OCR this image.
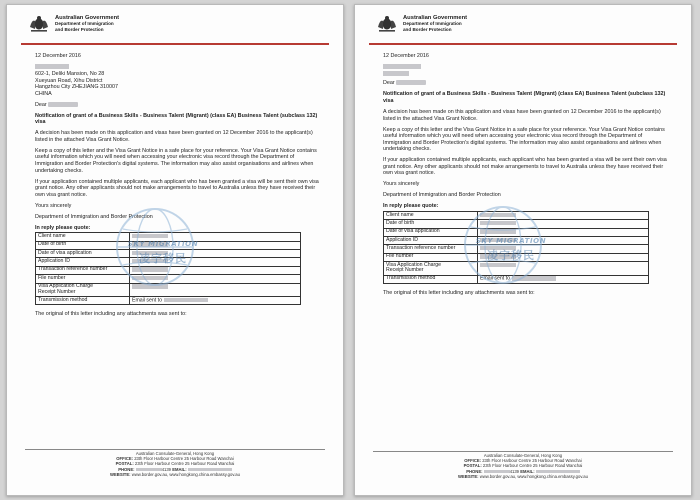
Australian Government
Department of Immigration
and Border Protection

12 December 2016

602-1, Deliki Mansion, No 28
Xueyuan Road, Xihu District
Hangzhou City ZHEJIANG 310007
CHINA

Dear

Notification of grant of a Business Skills - Business Talent (Migrant) (class EA) Business Talent (subclass 132) visa

A decision has been made on this application and visas have been granted on 12 December 2016 to the applicant(s) listed in the attached Visa Grant Notice.

Keep a copy of this letter and the Visa Grant Notice in a safe place for your reference. Your Visa Grant Notice contains useful information which you will need when accessing your electronic visa record through the Department of Immigration and Border Protection's digital systems. The information may also assist organisations and airlines when undertaking checks.

If your application contained multiple applicants, each applicant who has been granted a visa will be sent their own visa grant notice. Any other applicants should not make arrangements to travel to Australia unless they have received their own visa grant notice.

Yours sincerely

Department of Immigration and Border Protection

In reply please quote:
Client name	
Date of birth	
Date of visa application	
Application ID	
Transaction reference number	
File number	
Visa Application Charge
Receipt Number	
Transmission method	Email sent to

The original of this letter including any attachments was sent to:

SKY MIGRATION
凌宇移民
Australian Consulate-General, Hong Kong
OFFICE: 23th Floor Harbour Centre 25 Harbour Road Wanchai
POSTAL: 23th Floor Harbour Centre 25 Harbour Road Wanchai
PHONE:	4139 EMAIL:
WEBSITE: www.border.gov.au, www.hongkong.china.embassy.gov.au
Australian Government
Department of Immigration
and Border Protection

12 December 2016

Dear

Notification of grant of a Business Skills - Business Talent (Migrant) (class EA) Business Talent (subclass 132) visa

A decision has been made on this application and visas have been granted on 12 December 2016 to the applicant(s) listed in the attached Visa Grant Notice.

Keep a copy of this letter and the Visa Grant Notice in a safe place for your reference. Your Visa Grant Notice contains useful information which you will need when accessing your electronic visa record through the Department of Immigration and Border Protection's digital systems. The information may also assist organisations and airlines when undertaking checks.

If your application contained multiple applicants, each applicant who has been granted a visa will be sent their own visa grant notice. Any other applicants should not make arrangements to travel to Australia unless they have received their own visa grant notice.

Yours sincerely

Department of Immigration and Border Protection

In reply please quote:
Client name	
Date of birth	
Date of visa application	
Application ID	
Transaction reference number	
File number	
Visa Application Charge
Receipt Number	
Transmission method	Email sent to

The original of this letter including any attachments was sent to:

SKY MIGRATION
凌宇移民
Australian Consulate-General, Hong Kong
OFFICE: 23th Floor Harbour Centre 25 Harbour Road Wanchai
POSTAL: 23th Floor Harbour Centre 25 Harbour Road Wanchai
PHONE:	4139 EMAIL:
WEBSITE: www.border.gov.au, www.hongkong.china.embassy.gov.au
